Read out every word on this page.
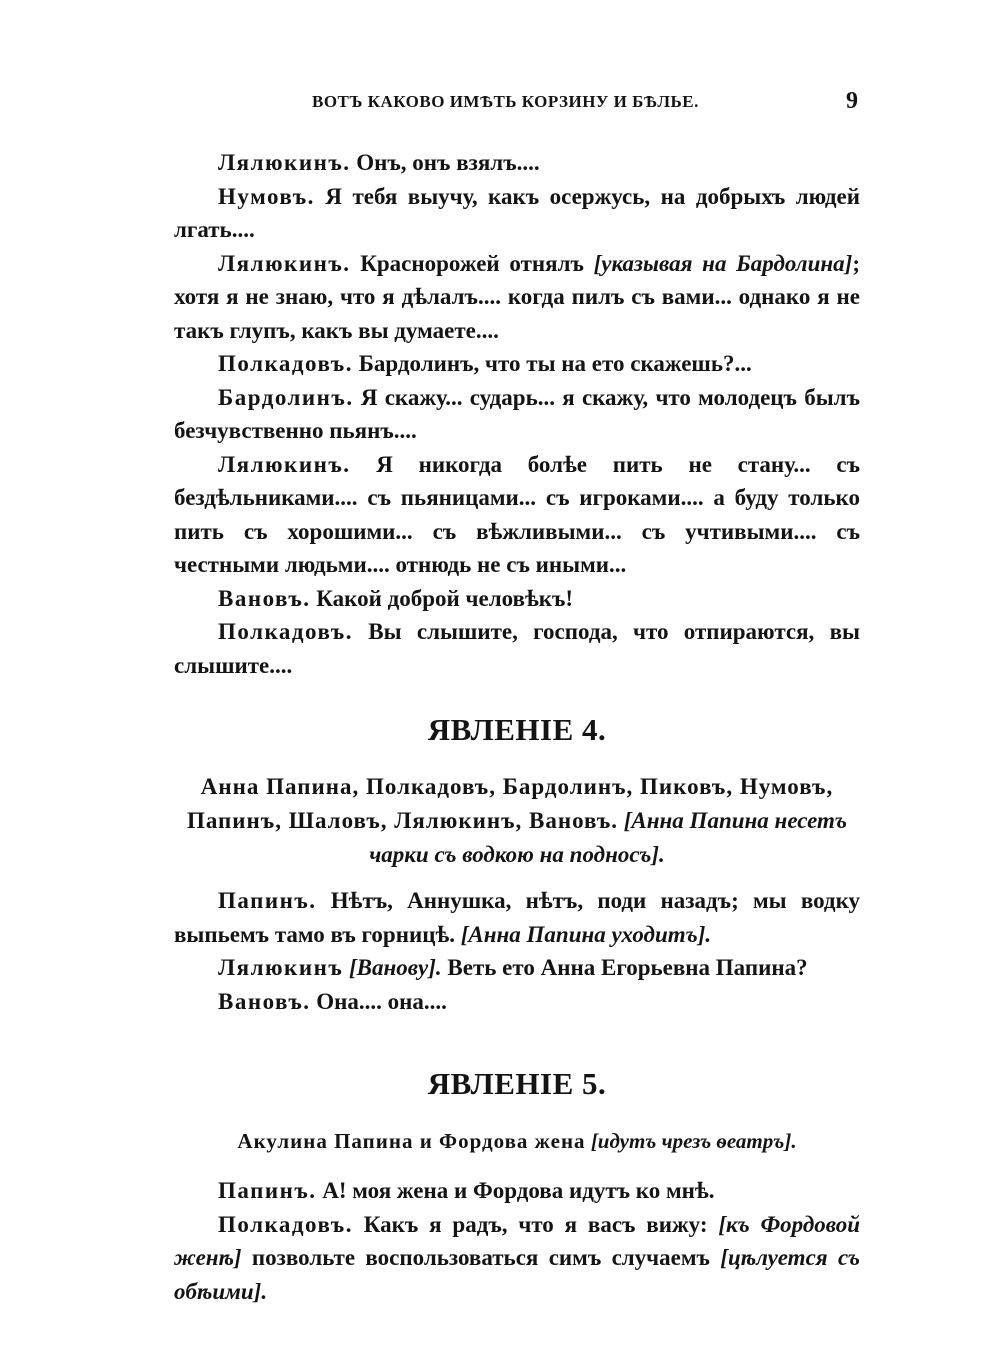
ВОТЪ КАКОВО ИМѢТЬ КОРЗИНУ И БѢЛЬЕ.	9

Лялюкинъ. Онъ, онъ взялъ....

Нумовъ. Я тебя выучу, какъ осержусь, на добрыхъ людей лгать....

Лялюкинъ. Краснорожей отнялъ [указывая на Бардолина]; хотя я не знаю, что я дѣлалъ.... когда пилъ съ вами... однако я не такъ глупъ, какъ вы думаете....

Полкадовъ. Бардолинъ, что ты на ето скажешь?...

Бардолинъ. Я скажу... сударь... я скажу, что молодецъ былъ безчувственно пьянъ....

Лялюкинъ. Я никогда болѣе пить не стану... съ бездѣльниками.... съ пьяницами... съ игроками.... а буду только пить съ хорошими... съ вѣжливыми... съ учтивыми.... съ честными людьми.... отнюдь не съ иными...

Вановъ. Какой доброй человѣкъ!

Полкадовъ. Вы слышите, господа, что отпираются, вы слышите....

ЯВЛЕНІЕ 4.
Анна Папина, Полкадовъ, Бардолинъ, Пиковъ, Нумовъ, Папинъ, Шаловъ, Лялюкинъ, Вановъ. [Анна Папина несетъ чарки съ водкою на подносъ].

Папинъ. Нѣтъ, Аннушка, нѣтъ, поди назадъ; мы водку выпьемъ тамо въ горницѣ. [Анна Папина уходитъ].

Лялюкинъ [Ванову]. Веть ето Анна Егорьевна Папина?

Вановъ. Она.... она....

ЯВЛЕНІЕ 5.
Акулина Папина и Фордова жена [идутъ чрезъ ѳеатръ].

Папинъ. А! моя жена и Фордова идутъ ко мнѣ.

Полкадовъ. Какъ я радъ, что я васъ вижу: [къ Фордовой женѣ] позвольте воспользоваться симъ случаемъ [цѣлуется съ обѣими].
